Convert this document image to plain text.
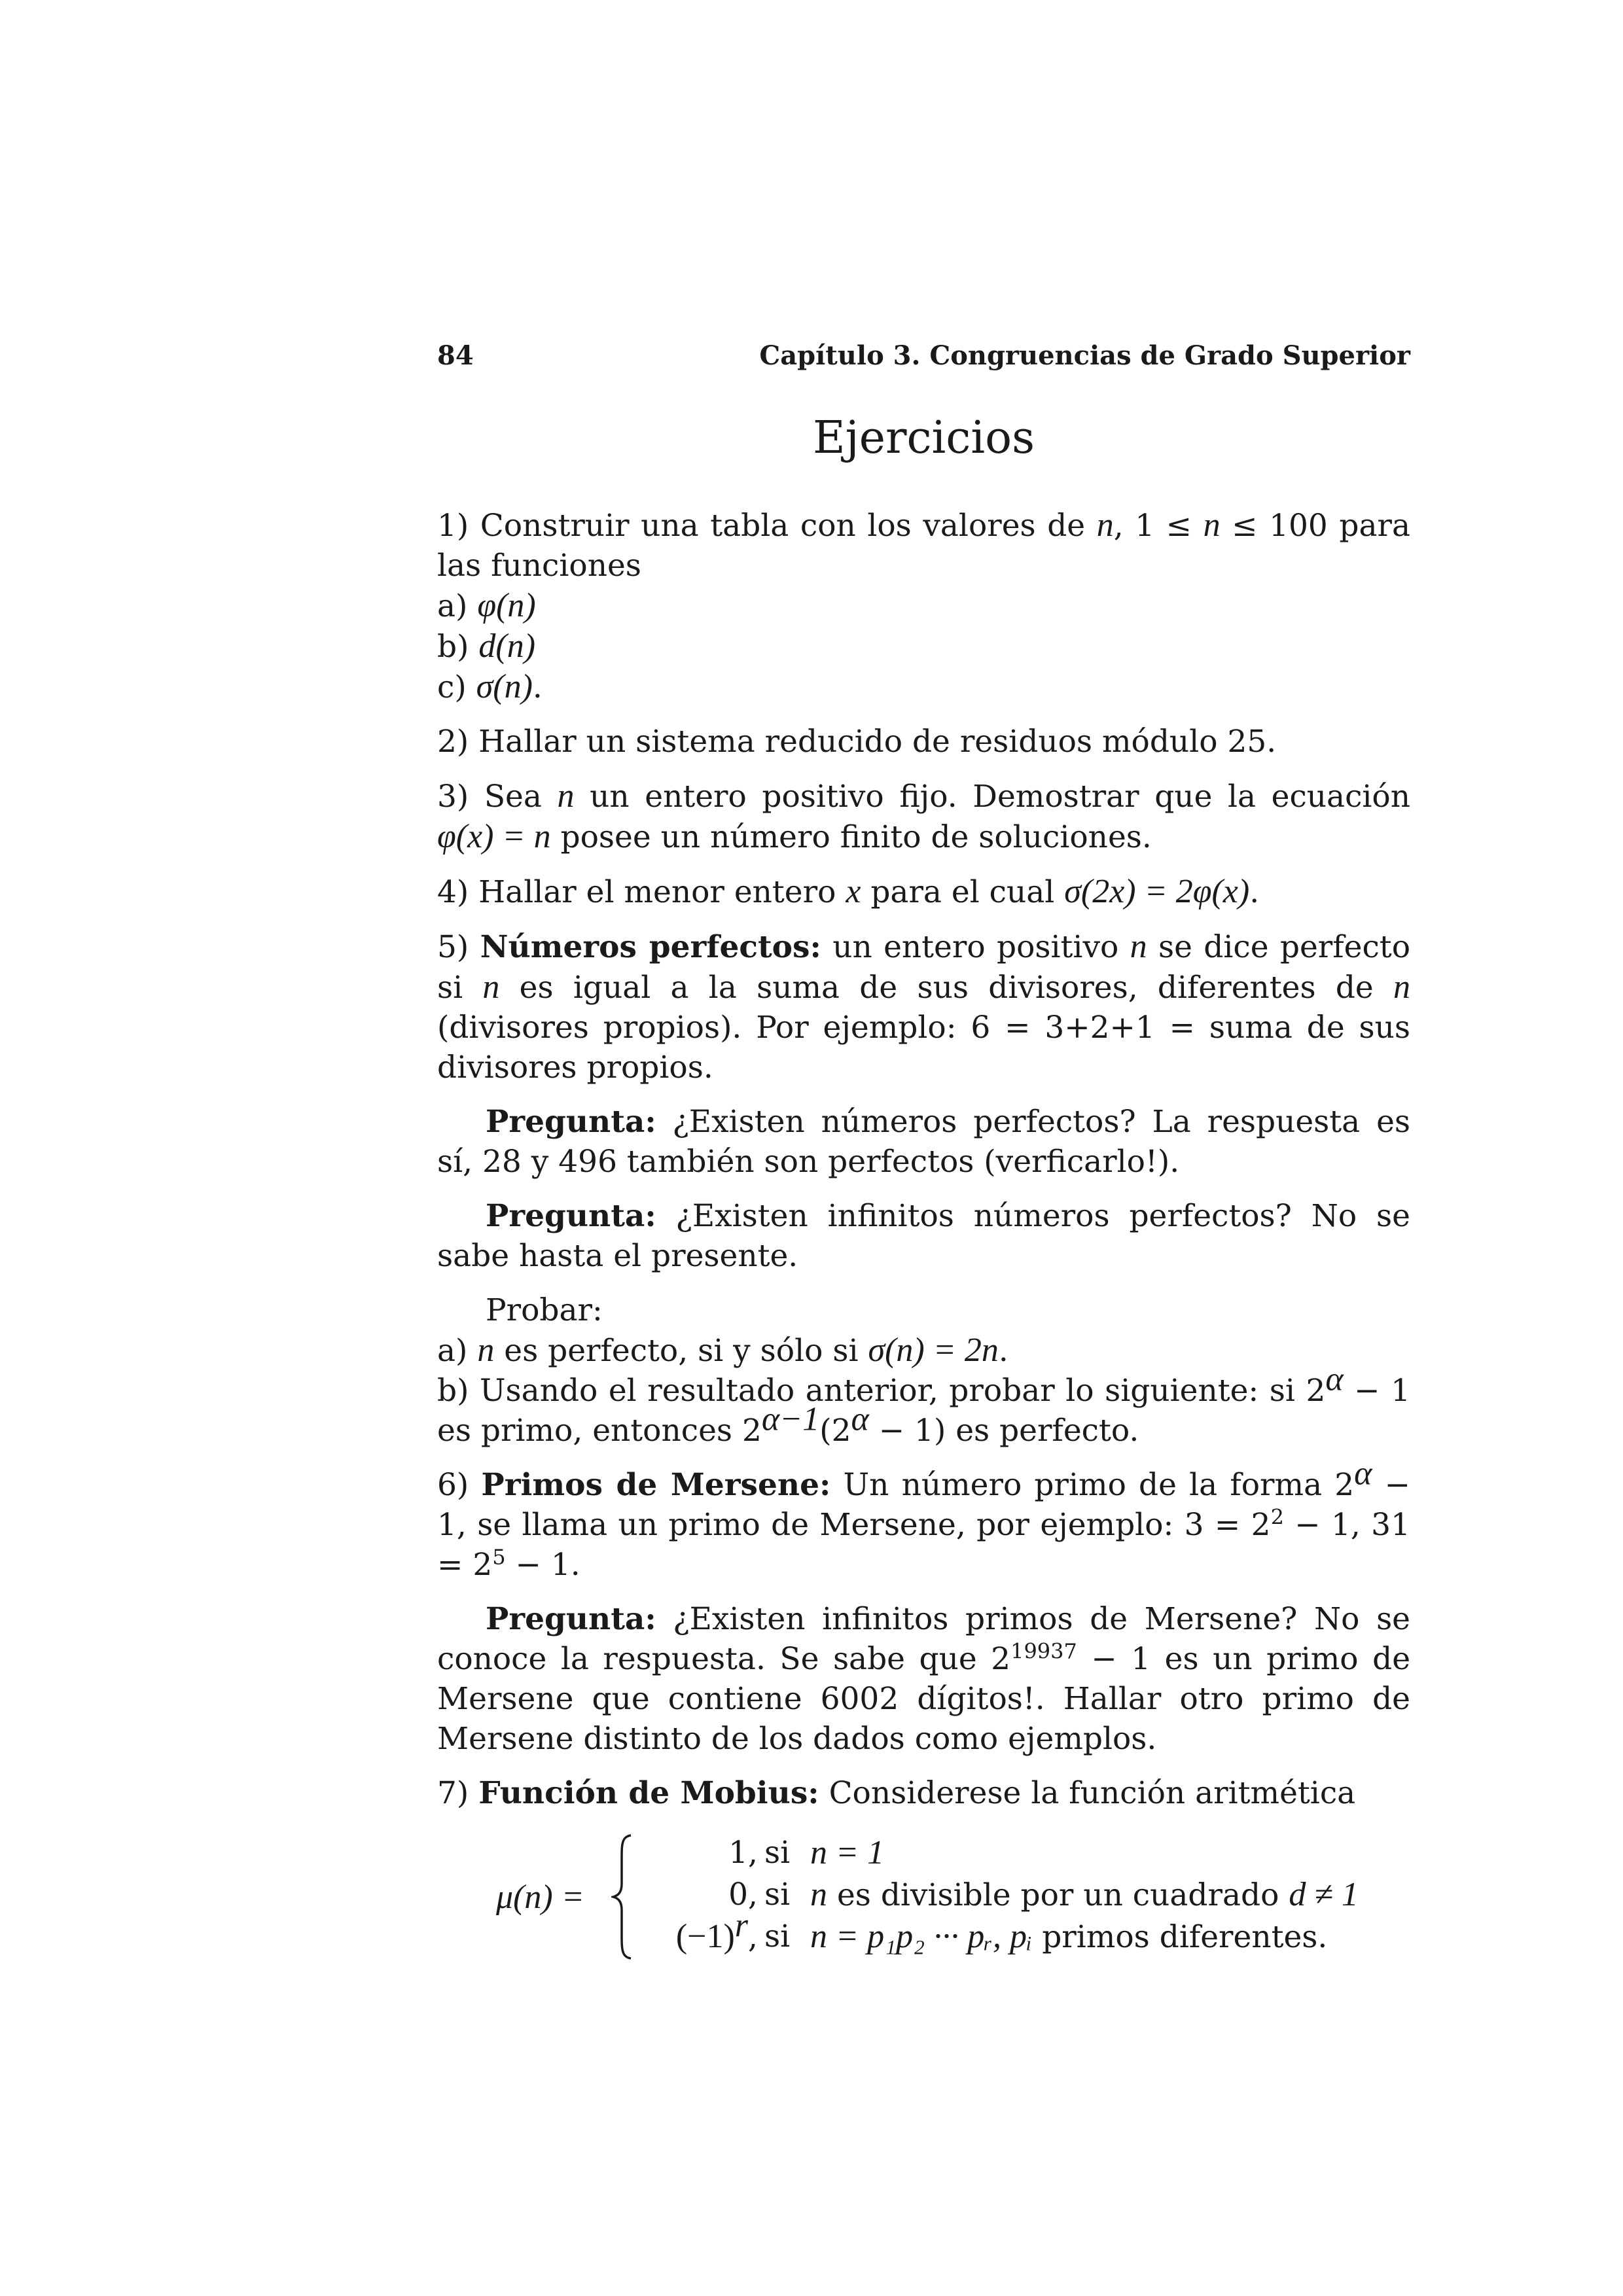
84	Capítulo 3. Congruencias de Grado Superior
Ejercicios

1) Construir una tabla con los valores de n, 1 ≤ n ≤ 100 para las funciones
a) φ(n)
b) d(n)
c) σ(n).

2) Hallar un sistema reducido de residuos módulo 25.

3) Sea n un entero positivo fijo. Demostrar que la ecuación φ(x) = n posee un número finito de soluciones.

4) Hallar el menor entero x para el cual σ(2x) = 2φ(x).

5) Números perfectos: un entero positivo n se dice perfecto si n es igual a la suma de sus divisores, diferentes de n (divisores propios). Por ejemplo: 6 = 3+2+1 = suma de sus divisores propios.

Pregunta: ¿Existen números perfectos? La respuesta es sí, 28 y 496 también son perfectos (verficarlo!).

Pregunta: ¿Existen infinitos números perfectos? No se sabe hasta el presente.

Probar:
a) n es perfecto, si y sólo si σ(n) = 2n.
b) Usando el resultado anterior, probar lo siguiente: si $2^\alpha - 1$ es primo, entonces $2^{\alpha-1}(2^\alpha - 1)$ es perfecto.

6) Primos de Mersene: Un número primo de la forma $2^\alpha - 1$, se llama un primo de Mersene, por ejemplo: $3 = 2^2 - 1$, $31 = 2^5 - 1$.

Pregunta: ¿Existen infinitos primos de Mersene? No se conoce la respuesta. Se sabe que $2^{19937} - 1$ es un primo de Mersene que contiene 6002 dígitos!. Hallar otro primo de Mersene distinto de los dados como ejemplos.

7) Función de Mobius: Considerese la función aritmética

μ(n) =
1, si n = 1
0, si n es divisible por un cuadrado d ≠ 1
$(-1)^r$, si n = p₁p₂ ··· pᵣ, pᵢ primos diferentes.
